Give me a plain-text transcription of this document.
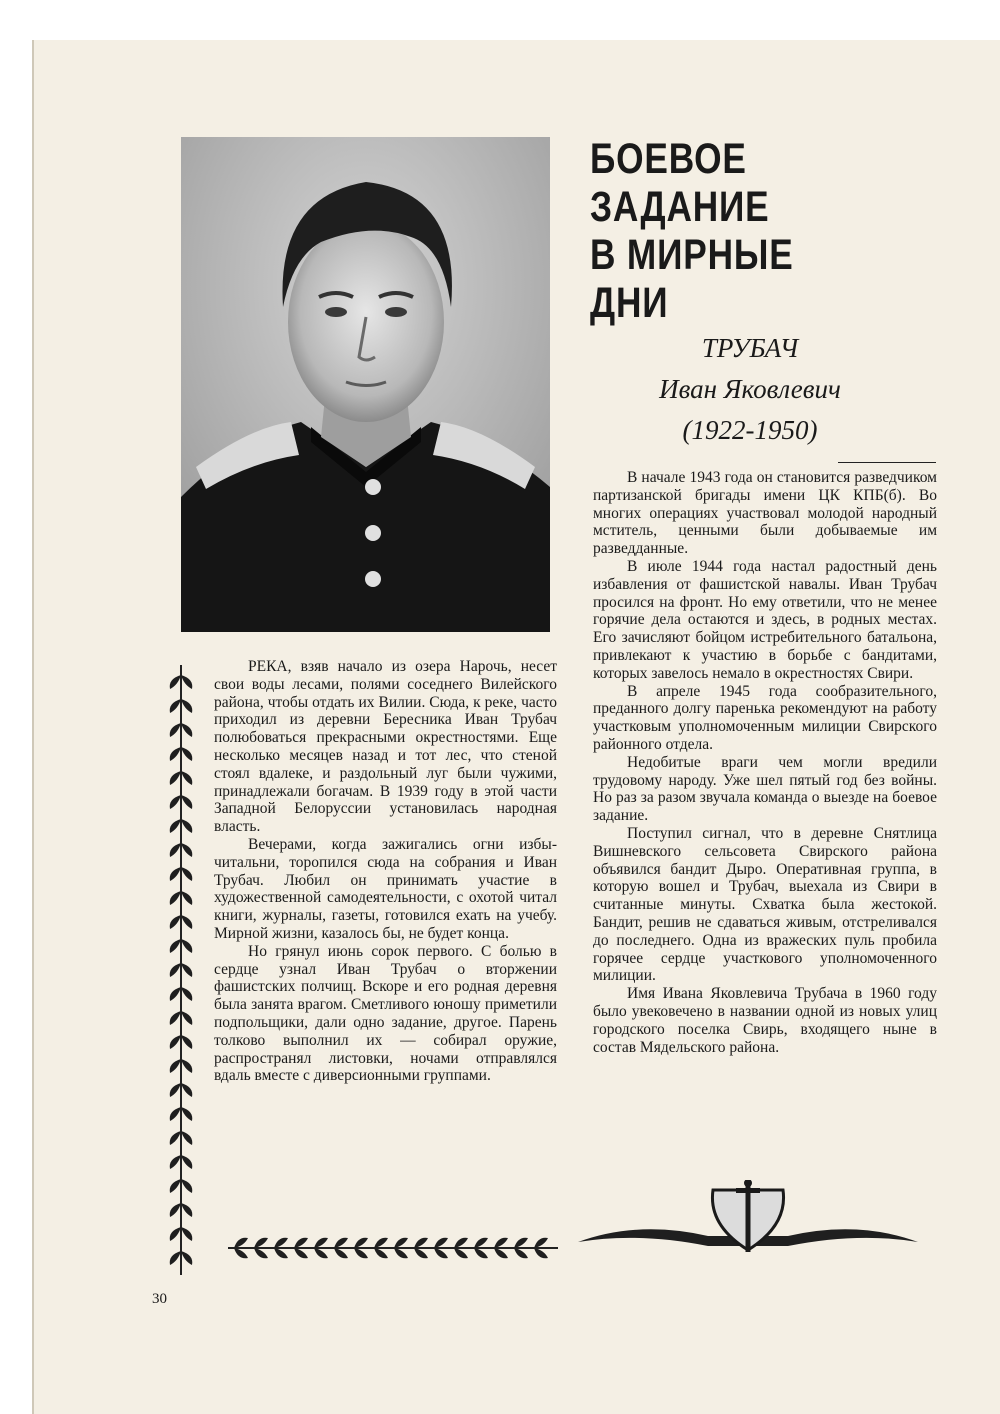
БОЕВОЕ
ЗАДАНИЕ
В МИРНЫЕ
ДНИ
ТРУБАЧ
Иван Яковлевич
(1922-1950)

РЕКА, взяв начало из озера Нарочь, несет свои воды лесами, полями соседнего Вилейского района, чтобы отдать их Вилии. Сюда, к реке, часто приходил из деревни Бересника Иван Трубач полюбоваться прекрасными окрестностями. Еще несколько месяцев назад и тот лес, что стеной стоял вдалеке, и раздольный луг были чужими, принадлежали богачам. В 1939 году в этой части Западной Белоруссии установилась народная власть.

Вечерами, когда зажигались огни избы-читальни, торопился сюда на собрания и Иван Трубач. Любил он принимать участие в художественной самодеятельности, с охотой читал книги, журналы, газеты, готовился ехать на учебу. Мирной жизни, казалось бы, не будет конца.

Но грянул июнь сорок первого. С болью в сердце узнал Иван Трубач о вторжении фашистских полчищ. Вскоре и его родная деревня была занята врагом. Сметливого юношу приметили подпольщики, дали одно задание, другое. Парень толково выполнил их — собирал оружие, распространял листовки, ночами отправлялся вдаль вместе с диверсионными группами.

В начале 1943 года он становится разведчиком партизанской бригады имени ЦК КПБ(б). Во многих операциях участвовал молодой народный мститель, ценными были добываемые им разведданные.

В июле 1944 года настал радостный день избавления от фашистской навалы. Иван Трубач просился на фронт. Но ему ответили, что не менее горячие дела остаются и здесь, в родных местах. Его зачисляют бойцом истребительного батальона, привлекают к участию в борьбе с бандитами, которых завелось немало в окрестностях Свири.

В апреле 1945 года сообразительного, преданного долгу паренька рекомендуют на работу участковым уполномоченным милиции Свирского районного отдела.

Недобитые враги чем могли вредили трудовому народу. Уже шел пятый год без войны. Но раз за разом звучала команда о выезде на боевое задание.

Поступил сигнал, что в деревне Снятлица Вишневского сельсовета Свирского района объявился бандит Дыро. Оперативная группа, в которую вошел и Трубач, выехала из Свири в считанные минуты. Схватка была жестокой. Бандит, решив не сдаваться живым, отстреливался до последнего. Одна из вражеских пуль пробила горячее сердце участкового уполномоченного милиции.

Имя Ивана Яковлевича Трубача в 1960 году было увековечено в названии одной из новых улиц городского поселка Свирь, входящего ныне в состав Мядельского района.

30
